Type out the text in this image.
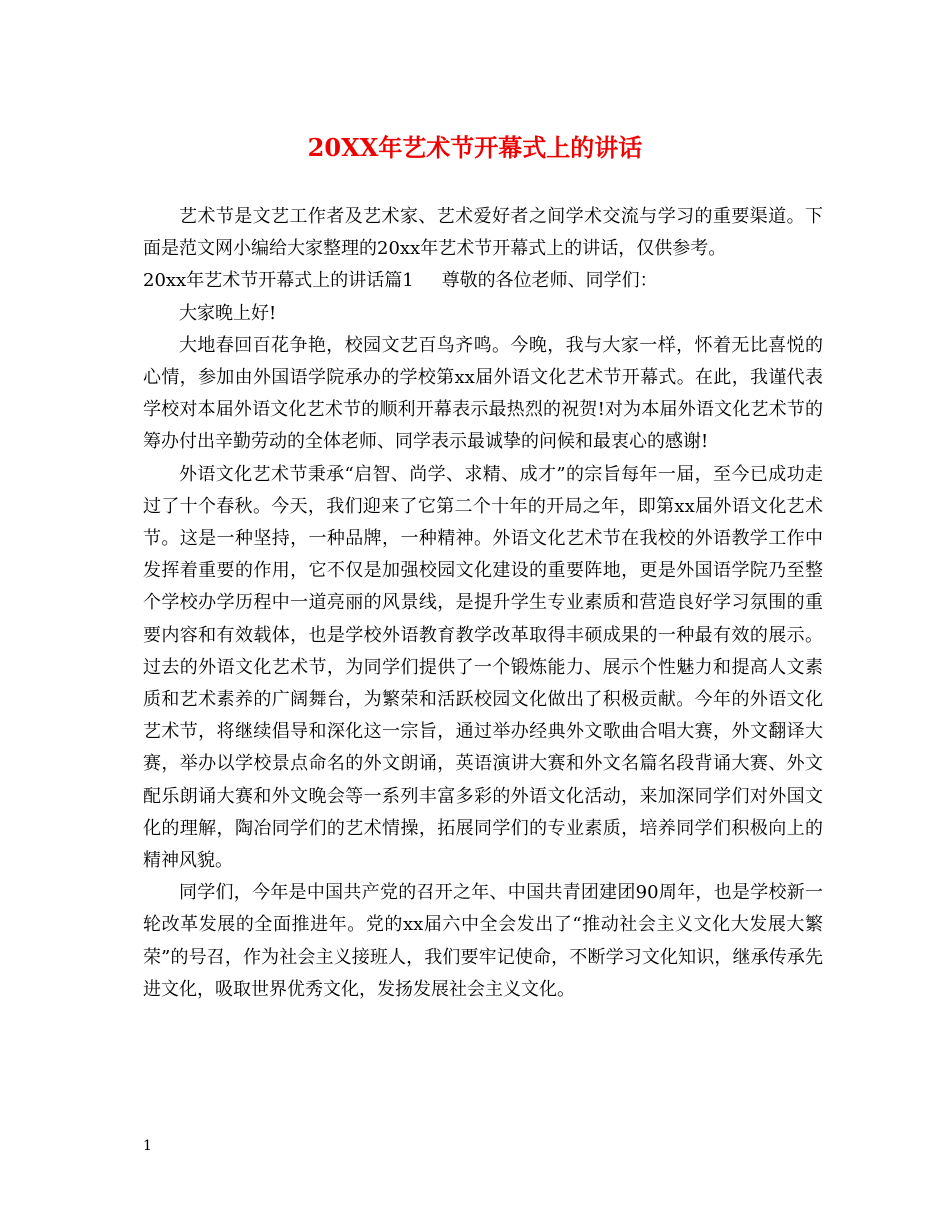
20XX年艺术节开幕式上的讲话

艺术节是文艺工作者及艺术家、艺术爱好者之间学术交流与学习的重要渠道。下面是范文网小编给大家整理的20xx年艺术节开幕式上的讲话，仅供参考。

20xx年艺术节开幕式上的讲话篇1 尊敬的各位老师、同学们：

大家晚上好!

大地春回百花争艳，校园文艺百鸟齐鸣。今晚，我与大家一样，怀着无比喜悦的心情，参加由外国语学院承办的学校第xx届外语文化艺术节开幕式。在此，我谨代表学校对本届外语文化艺术节的顺利开幕表示最热烈的祝贺!对为本届外语文化艺术节的筹办付出辛勤劳动的全体老师、同学表示最诚挚的问候和最衷心的感谢!

外语文化艺术节秉承“启智、尚学、求精、成才”的宗旨每年一届，至今已成功走过了十个春秋。今天，我们迎来了它第二个十年的开局之年，即第xx届外语文化艺术节。这是一种坚持，一种品牌，一种精神。外语文化艺术节在我校的外语教学工作中发挥着重要的作用，它不仅是加强校园文化建设的重要阵地，更是外国语学院乃至整个学校办学历程中一道亮丽的风景线，是提升学生专业素质和营造良好学习氛围的重要内容和有效载体，也是学校外语教育教学改革取得丰硕成果的一种最有效的展示。过去的外语文化艺术节，为同学们提供了一个锻炼能力、展示个性魅力和提高人文素质和艺术素养的广阔舞台，为繁荣和活跃校园文化做出了积极贡献。今年的外语文化艺术节，将继续倡导和深化这一宗旨，通过举办经典外文歌曲合唱大赛，外文翻译大赛，举办以学校景点命名的外文朗诵，英语演讲大赛和外文名篇名段背诵大赛、外文配乐朗诵大赛和外文晚会等一系列丰富多彩的外语文化活动，来加深同学们对外国文化的理解，陶冶同学们的艺术情操，拓展同学们的专业素质，培养同学们积极向上的精神风貌。

同学们，今年是中国共产党的召开之年、中国共青团建团90周年，也是学校新一轮改革发展的全面推进年。党的xx届六中全会发出了“推动社会主义文化大发展大繁荣”的号召，作为社会主义接班人，我们要牢记使命，不断学习文化知识，继承传承先进文化，吸取世界优秀文化，发扬发展社会主义文化。

1
